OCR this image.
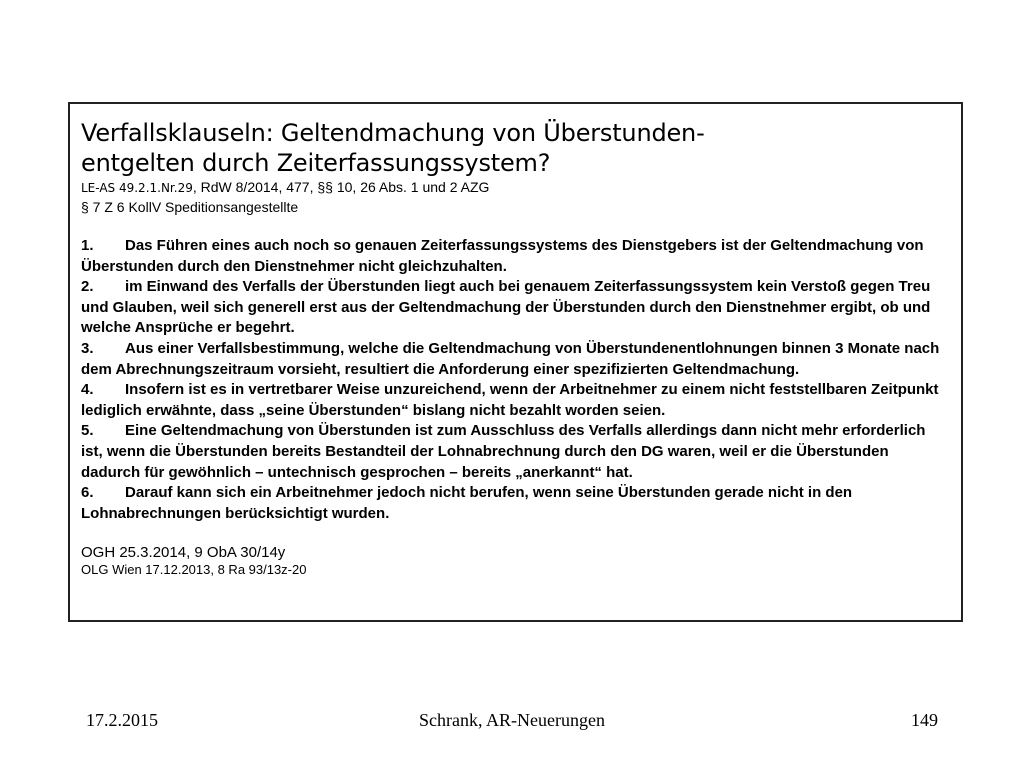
Verfallsklauseln: Geltendmachung von Überstunden-
entgelten durch Zeiterfassungssystem?

LE-AS 49.2.1.Nr.29, RdW 8/2014, 477, §§ 10, 26 Abs. 1 und 2 AZG

§ 7 Z 6 KollV Speditionsangestellte

1. Das Führen eines auch noch so genauen Zeiterfassungssystems des Dienstgebers ist der Geltendmachung von Überstunden durch den Dienstnehmer nicht gleichzuhalten.

2. im Einwand des Verfalls der Überstunden liegt auch bei genauem Zeiterfassungssystem kein Verstoß gegen Treu und Glauben, weil sich generell erst aus der Geltendmachung der Überstunden durch den Dienstnehmer ergibt, ob und welche Ansprüche er begehrt.

3. Aus einer Verfallsbestimmung, welche die Geltendmachung von Überstundenentlohnungen binnen 3 Monate nach dem Abrechnungszeitraum vorsieht, resultiert die Anforderung einer spezifizierten Geltendmachung.

4. Insofern ist es in vertretbarer Weise unzureichend, wenn der Arbeitnehmer zu einem nicht feststellbaren Zeitpunkt lediglich erwähnte, dass „seine Überstunden“ bislang nicht bezahlt worden seien.

5. Eine Geltendmachung von Überstunden ist zum Ausschluss des Verfalls allerdings dann nicht mehr erforderlich ist, wenn die Überstunden bereits Bestandteil der Lohnabrechnung durch den DG waren, weil er die Überstunden dadurch für gewöhnlich – untechnisch gesprochen – bereits „anerkannt“ hat.

6. Darauf kann sich ein Arbeitnehmer jedoch nicht berufen, wenn seine Überstunden gerade nicht in den Lohnabrechnungen berücksichtigt wurden.

OGH 25.3.2014, 9 ObA 30/14y

OLG Wien 17.12.2013, 8 Ra 93/13z-20

17.2.2015	Schrank, AR-Neuerungen	149
